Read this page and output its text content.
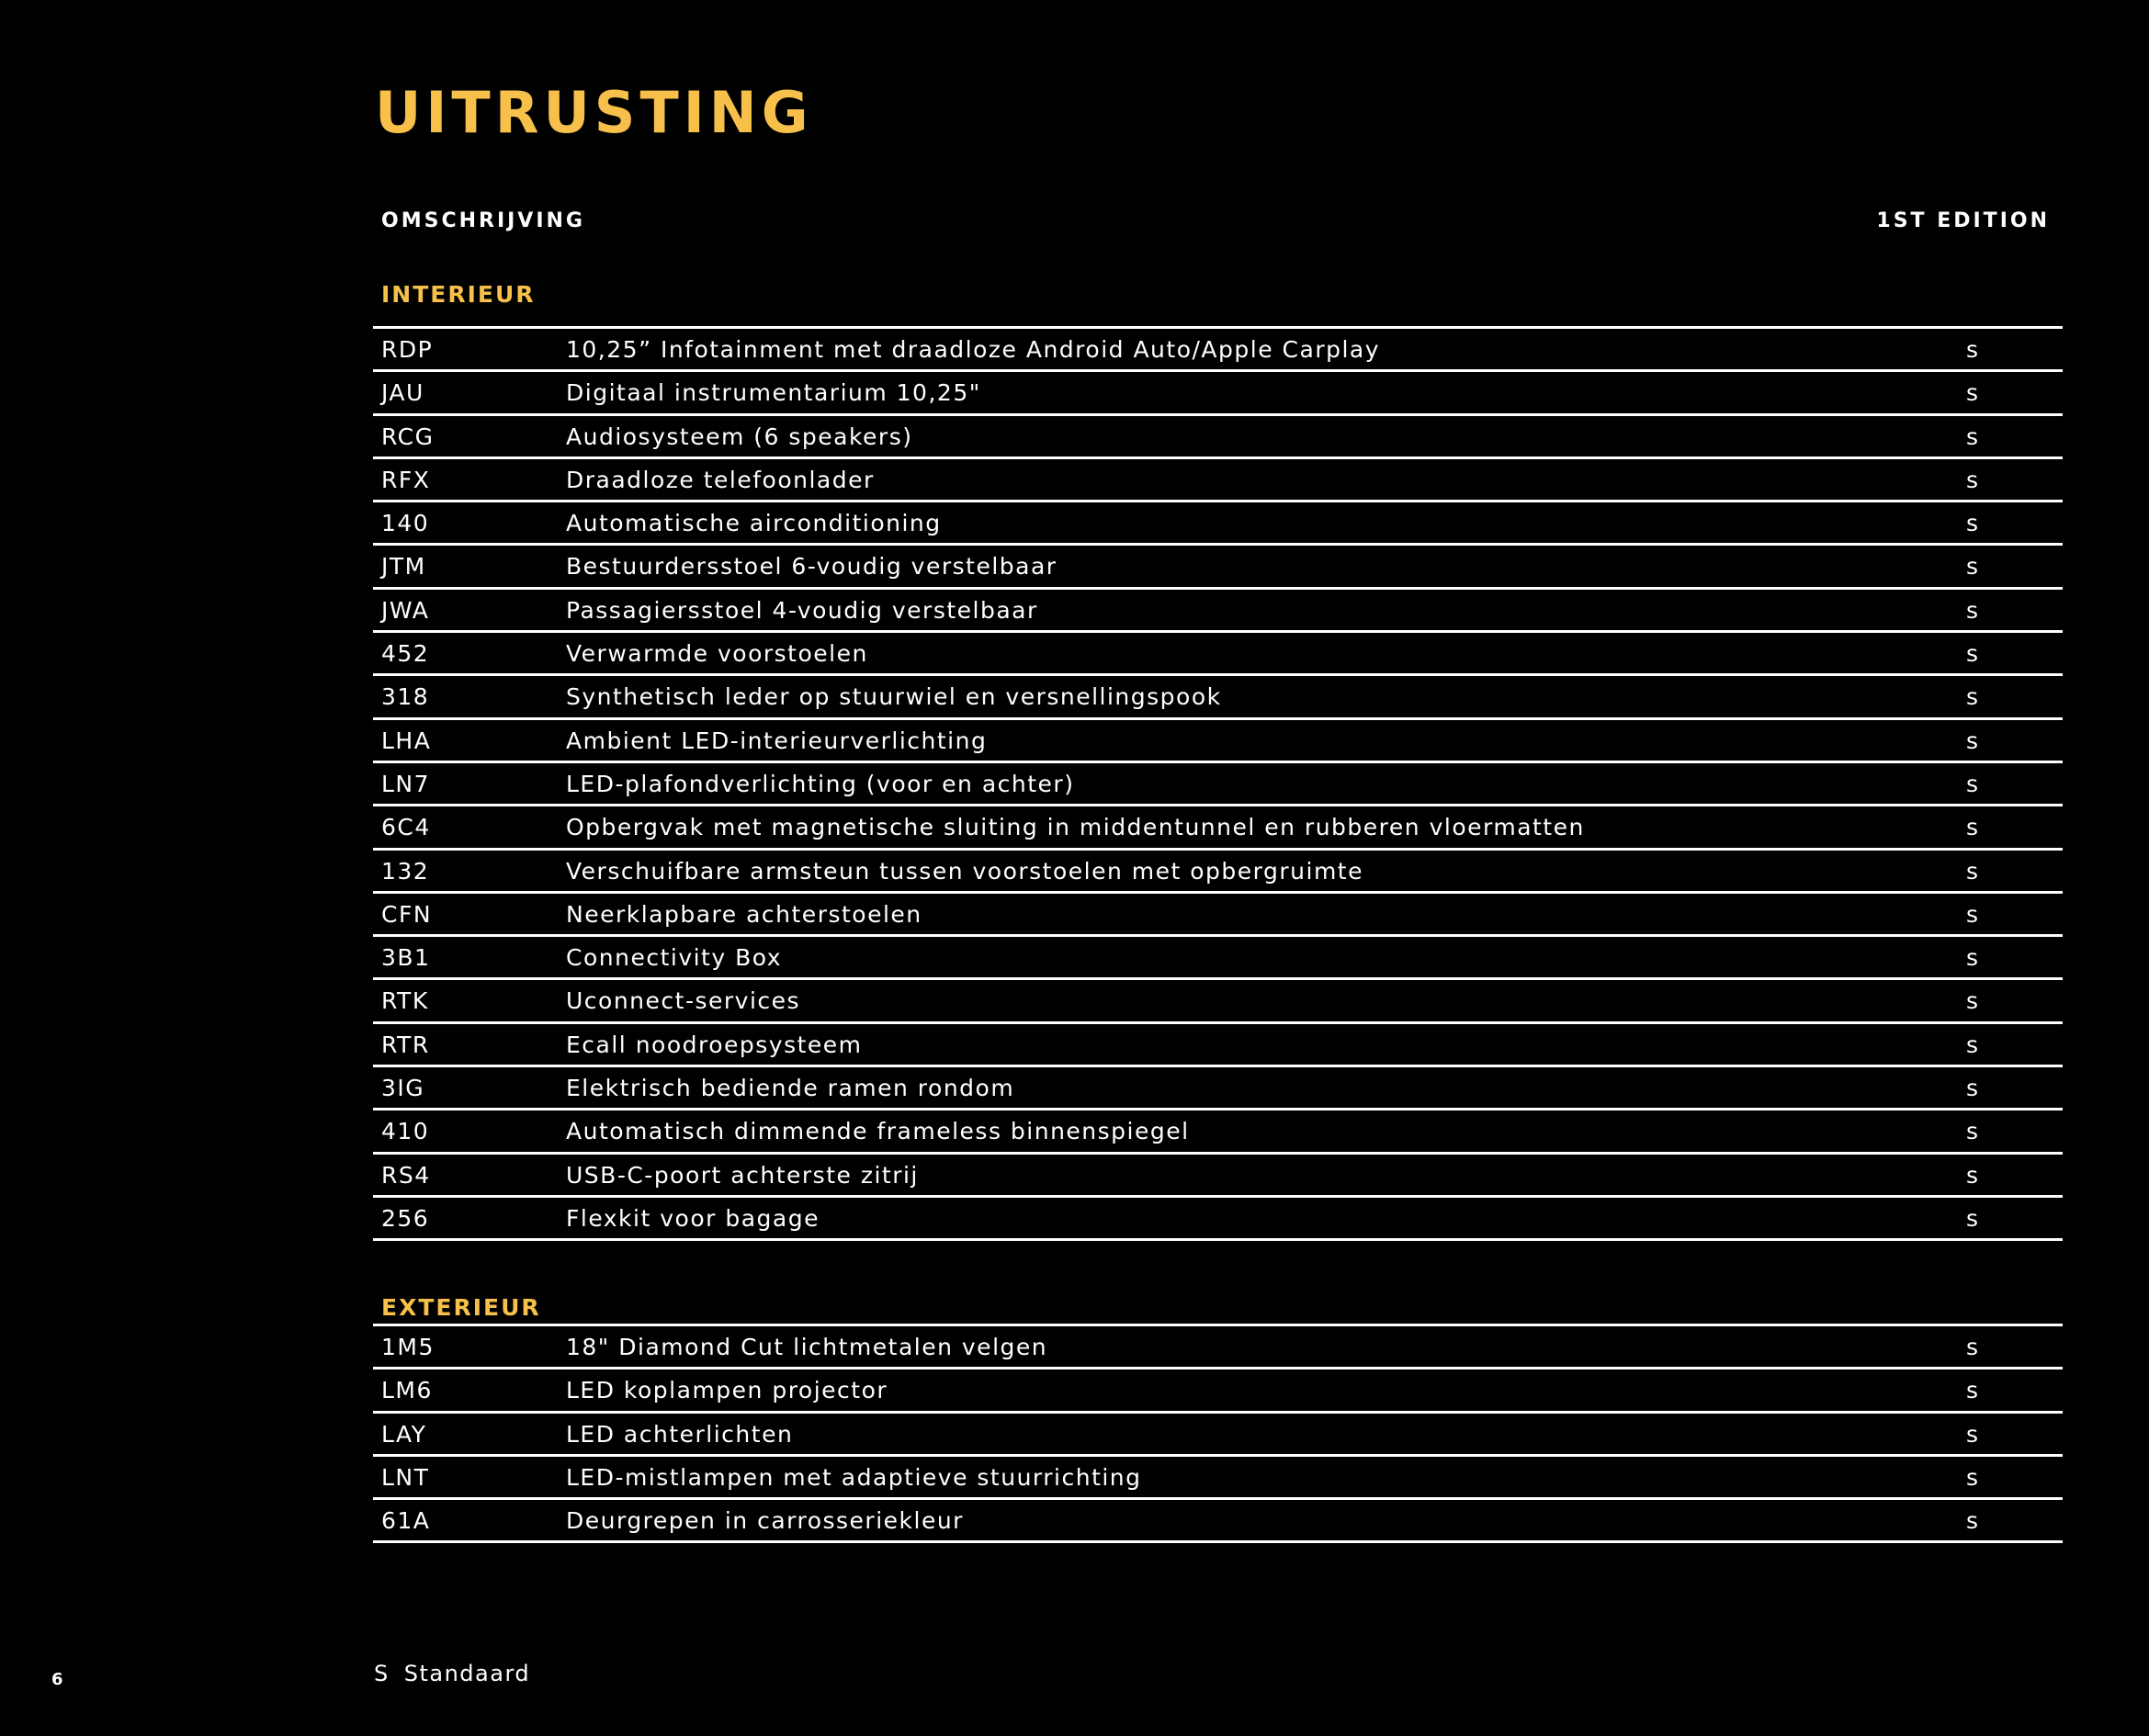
UITRUSTING
OMSCHRIJVING	1ST EDITION
INTERIEUR
RDP	10,25” Infotainment met draadloze Android Auto/Apple Carplay	s
JAU	Digitaal instrumentarium 10,25"	s
RCG	Audiosysteem (6 speakers)	s
RFX	Draadloze telefoonlader	s
140	Automatische airconditioning	s
JTM	Bestuurdersstoel 6-voudig verstelbaar	s
JWA	Passagiersstoel 4-voudig verstelbaar	s
452	Verwarmde voorstoelen	s
318	Synthetisch leder op stuurwiel en versnellingspook	s
LHA	Ambient LED-interieurverlichting	s
LN7	LED-plafondverlichting (voor en achter)	s
6C4	Opbergvak met magnetische sluiting in middentunnel en rubberen vloermatten	s
132	Verschuifbare armsteun tussen voorstoelen met opbergruimte	s
CFN	Neerklapbare achterstoelen	s
3B1	Connectivity Box	s
RTK	Uconnect-services	s
RTR	Ecall noodroepsysteem	s
3IG	Elektrisch bediende ramen rondom	s
410	Automatisch dimmende frameless binnenspiegel	s
RS4	USB-C-poort achterste zitrij	s
256	Flexkit voor bagage	s
EXTERIEUR
1M5	18" Diamond Cut lichtmetalen velgen	s
LM6	LED koplampen projector	s
LAY	LED achterlichten	s
LNT	LED-mistlampen met adaptieve stuurrichting	s
61A	Deurgrepen in carrosseriekleur	s
6	S Standaard
